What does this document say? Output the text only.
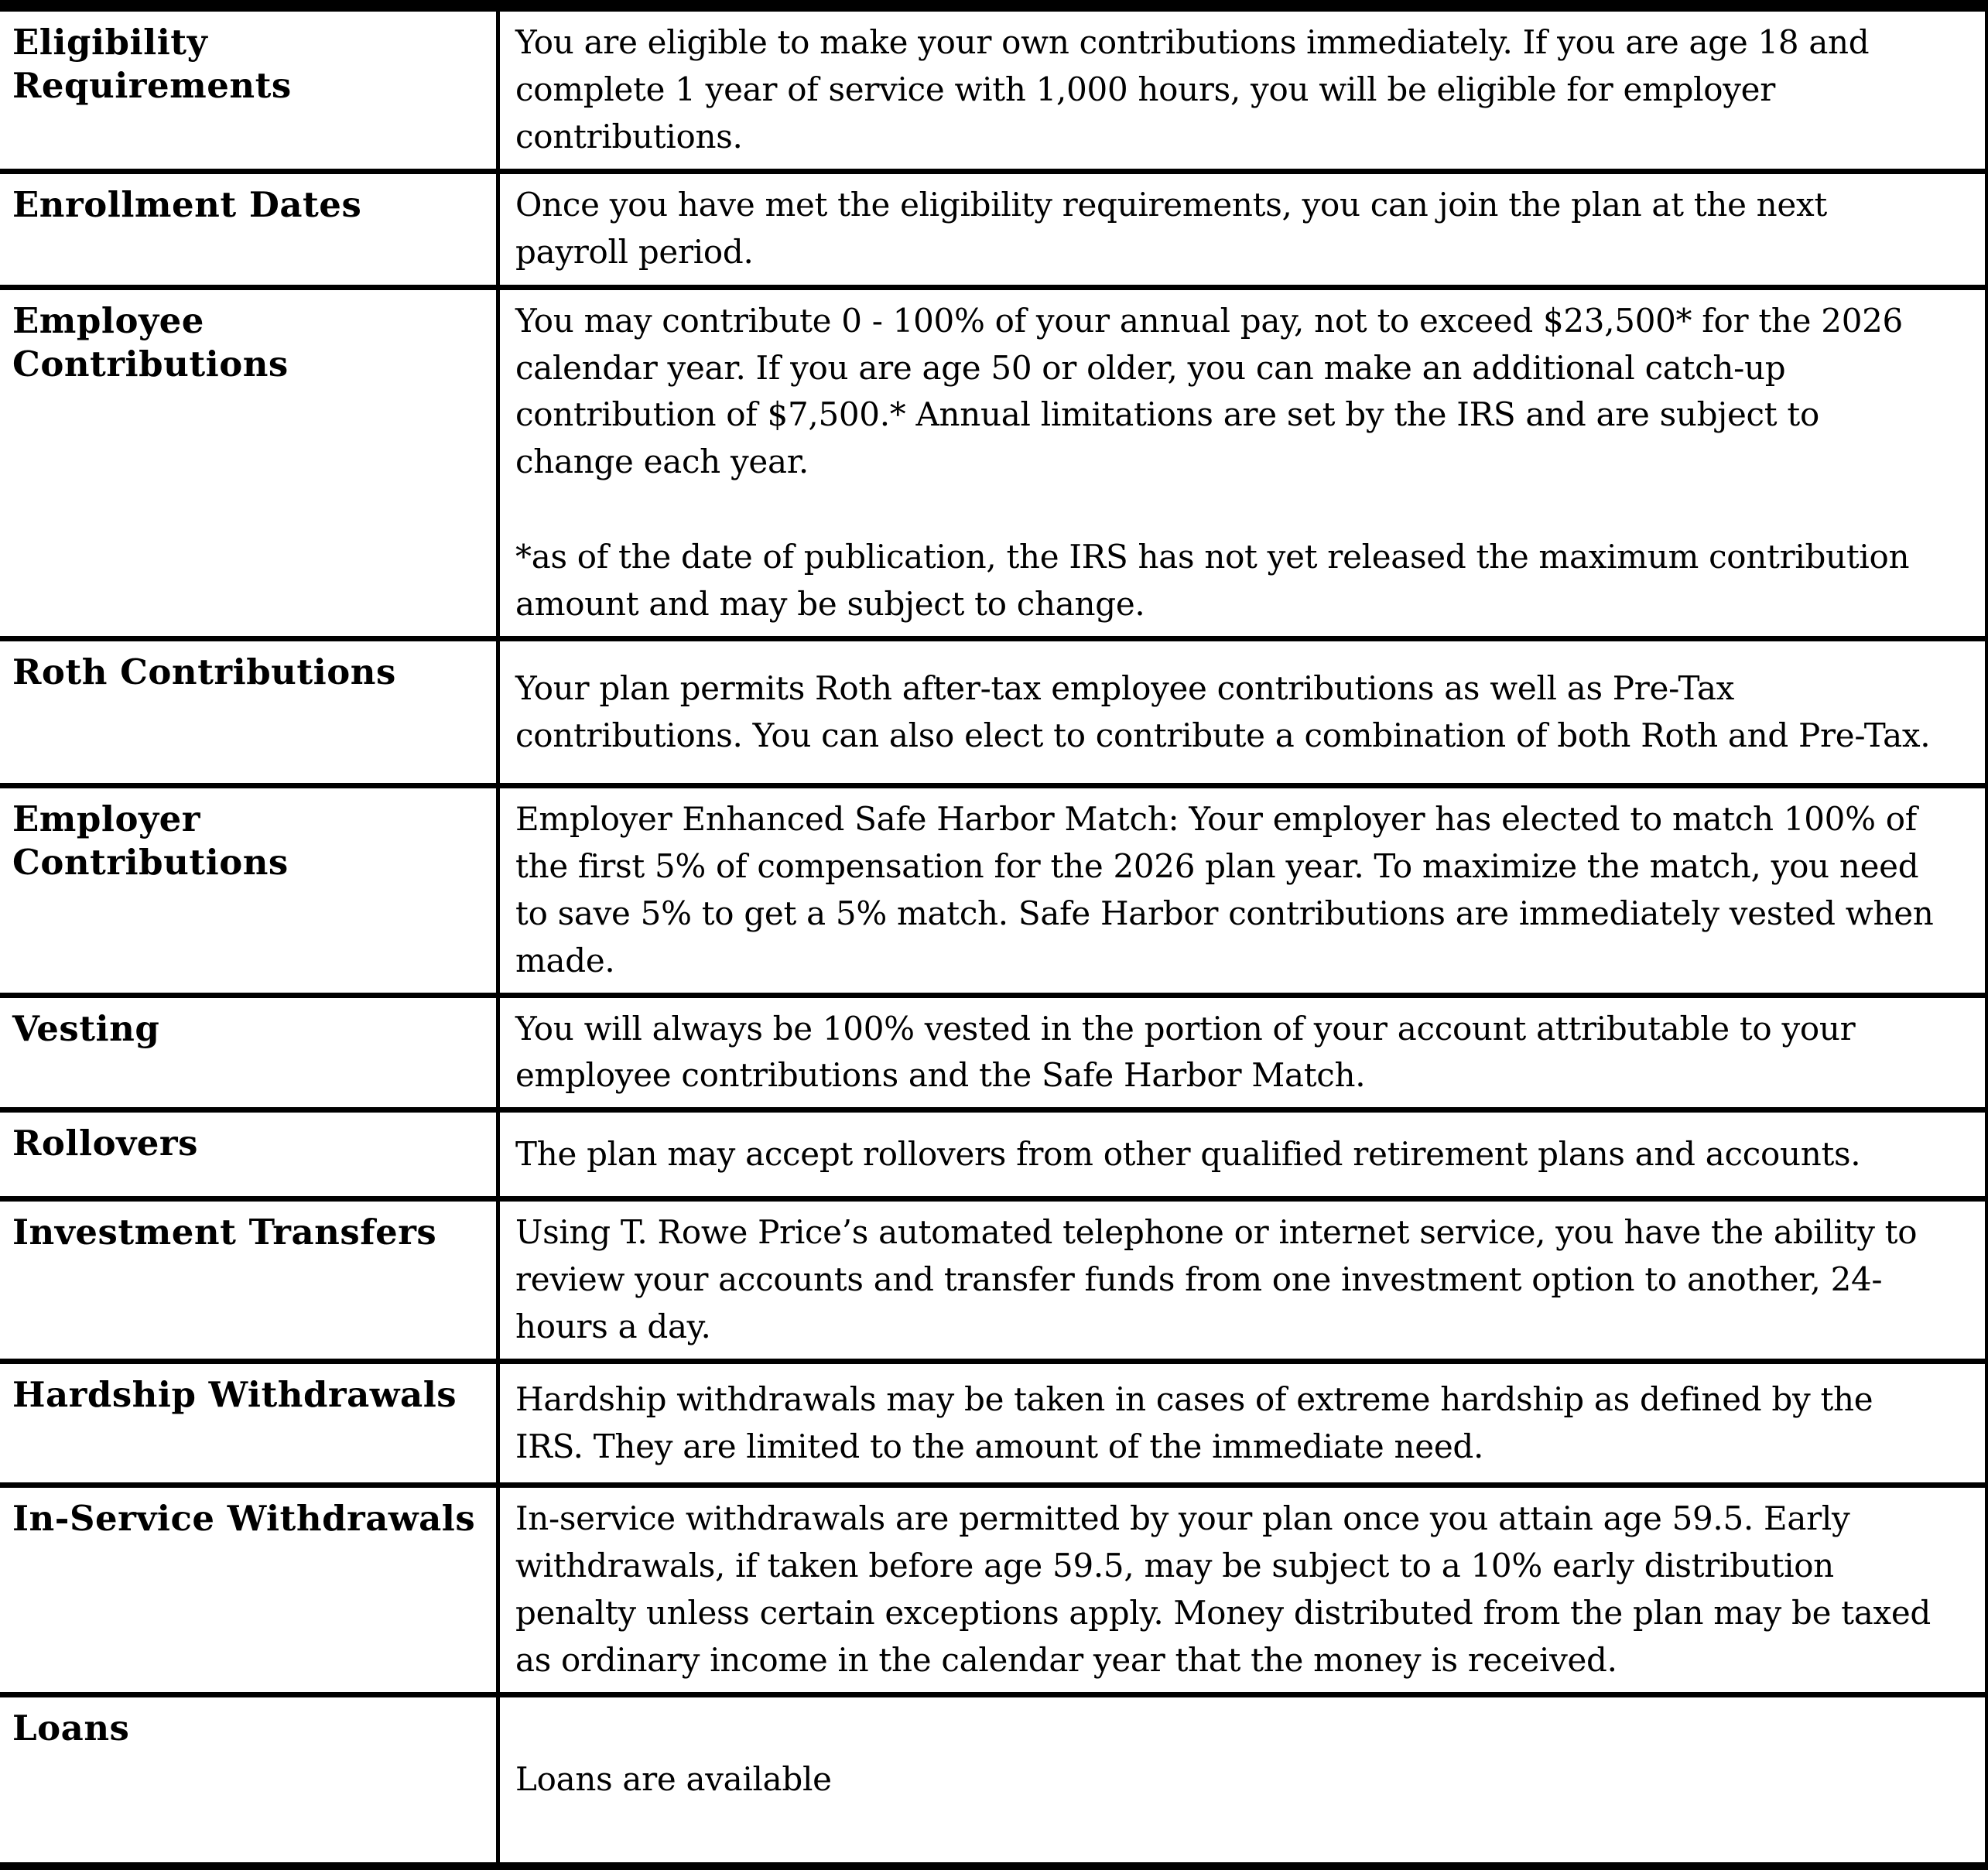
Eligibility Requirements	You are eligible to make your own contributions immediately. If you are age 18 and complete 1 year of service with 1,000 hours, you will be eligible for employer contributions.

Enrollment Dates	Once you have met the eligibility requirements, you can join the plan at the next payroll period.

Employee Contributions	You may contribute 0 - 100% of your annual pay, not to exceed $23,500* for the 2026 calendar year. If you are age 50 or older, you can make an additional catch-up contribution of $7,500.* Annual limitations are set by the IRS and are subject to change each year.

*as of the date of publication, the IRS has not yet released the maximum contribution amount and may be subject to change.

Roth Contributions	Your plan permits Roth after-tax employee contributions as well as Pre-Tax contributions. You can also elect to contribute a combination of both Roth and Pre-Tax.

Employer Contributions	Employer Enhanced Safe Harbor Match: Your employer has elected to match 100% of the first 5% of compensation for the 2026 plan year. To maximize the match, you need to save 5% to get a 5% match. Safe Harbor contributions are immediately vested when made.

Vesting	You will always be 100% vested in the portion of your account attributable to your employee contributions and the Safe Harbor Match.

Rollovers	The plan may accept rollovers from other qualified retirement plans and accounts.

Investment Transfers	Using T. Rowe Price’s automated telephone or internet service, you have the ability to review your accounts and transfer funds from one investment option to another, 24-hours a day.

Hardship Withdrawals	Hardship withdrawals may be taken in cases of extreme hardship as defined by the IRS. They are limited to the amount of the immediate need.

In-Service Withdrawals	In-service withdrawals are permitted by your plan once you attain age 59.5. Early withdrawals, if taken before age 59.5, may be subject to a 10% early distribution penalty unless certain exceptions apply. Money distributed from the plan may be taxed as ordinary income in the calendar year that the money is received.

Loans	Loans are available
